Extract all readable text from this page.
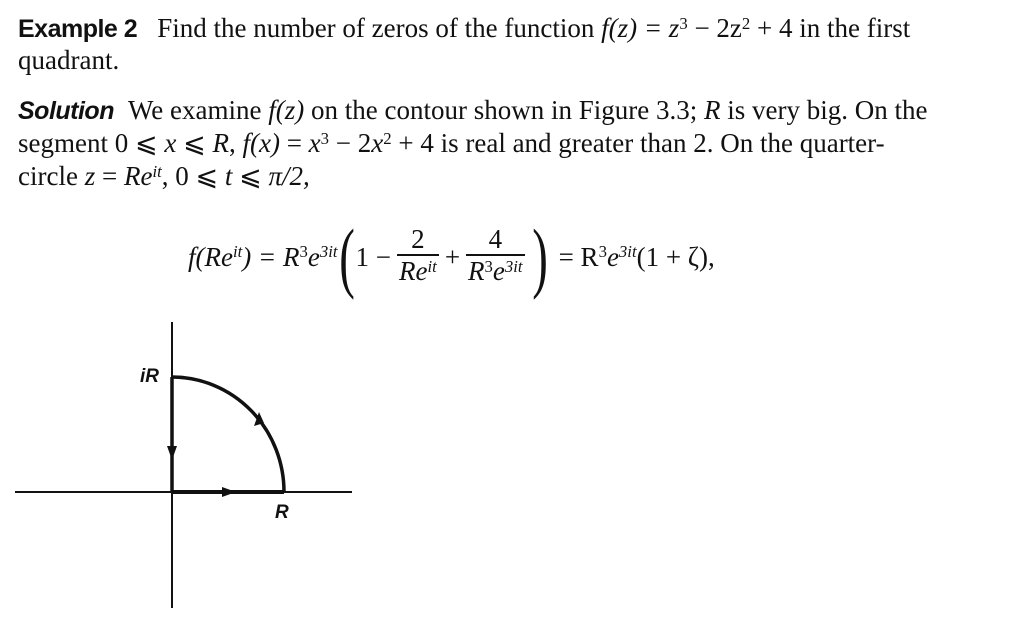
Example 2 Find the number of zeros of the function $f(z) = z^3 - 2z^2 + 4$ in the first
quadrant.
Solution We examine f(z) on the contour shown in Figure 3.3; R is very big. On the
segment 0 ⩽ x ⩽ R, $f(x) = x^3 - 2x^2 + 4$ is real and greater than 2. On the quarter-
circle $z = Re^{it}$, 0 ⩽ t ⩽ π/2,
$f(Re^{it}) = R^3e^{3it}$ ( $1 - \frac{2}{Re^{it}} + \frac{4}{R^3e^{3it}}$ ) = $R^3e^{3it}(1 + \zeta)$,
iR
R
